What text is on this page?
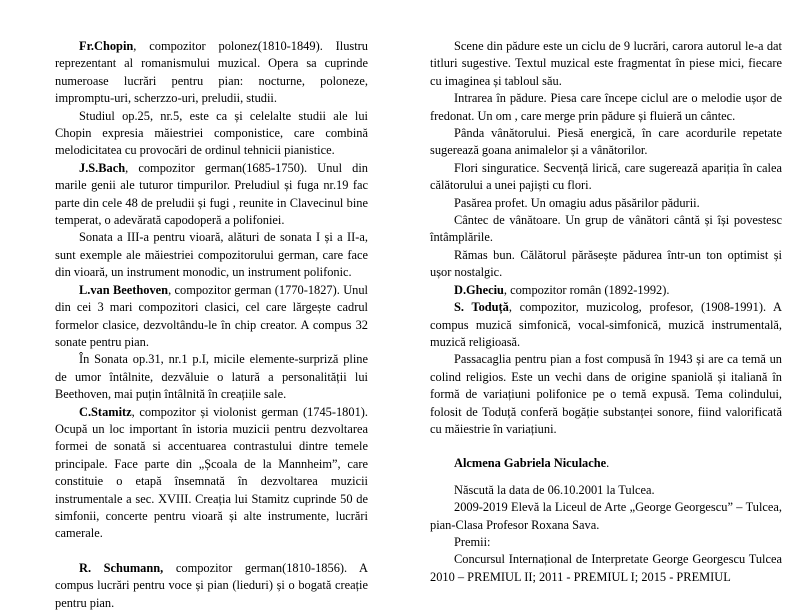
Fr.Chopin, compozitor polonez(1810-1849). Ilustru reprezentant al romanismului muzical. Opera sa cuprinde numeroase lucrări pentru pian: nocturne, poloneze, impromptu-uri, scherzzo-uri, preludii, studii.

Studiul op.25, nr.5, este ca și celelalte studii ale lui Chopin expresia măiestriei componistice, care combină melodicitatea cu provocări de ordinul tehnicii pianistice.

J.S.Bach, compozitor german(1685-1750). Unul din marile genii ale tuturor timpurilor. Preludiul și fuga nr.19 fac parte din cele 48 de preludii și fugi , reunite in Clavecinul bine temperat, o adevărată capodoperă a polifoniei.

Sonata a III-a pentru vioară, alături de sonata I și a II-a, sunt exemple ale măiestriei compozitorului german, care face din vioară, un instrument monodic, un instrument polifonic.

L.van Beethoven, compozitor german (1770-1827). Unul din cei 3 mari compozitori clasici, cel care lărgește cadrul formelor clasice, dezvoltându-le în chip creator. A compus 32 sonate pentru pian.

În Sonata op.31, nr.1 p.I, micile elemente-surpriză pline de umor întâlnite, dezvăluie o latură a personalității lui Beethoven, mai puțin întâlnită în creațiile sale.

C.Stamitz, compozitor și violonist german (1745-1801). Ocupă un loc important în istoria muzicii pentru dezvoltarea formei de sonată si accentuarea contrastului dintre temele principale. Face parte din „Școala de la Mannheim”, care constituie o etapă însemnată în dezvoltarea muzicii instrumentale a sec. XVIII. Creația lui Stamitz cuprinde 50 de simfonii, concerte pentru vioară și alte instrumente, lucrări camerale.

R. Schumann, compozitor german(1810-1856). A compus lucrări pentru voce și pian (lieduri) și o bogată creație pentru pian.

Scene din pădure este un ciclu de 9 lucrări, carora autorul le-a dat titluri sugestive. Textul muzical este fragmentat în piese mici, fiecare cu imaginea și tabloul său.

Intrarea în pădure. Piesa care începe ciclul are o melodie ușor de fredonat. Un om , care merge prin pădure și fluieră un cântec.

Pânda vânătorului. Piesă energică, în care acordurile repetate sugerează goana animalelor și a vânătorilor.

Flori singuratice. Secvență lirică, care sugerează apariția în calea călătorului a unei pajiști cu flori.

Pasărea profet. Un omagiu adus păsărilor pădurii.

Cântec de vânătoare. Un grup de vânători cântă și își povestesc întâmplările.

Rămas bun. Călătorul părăsește pădurea într-un ton optimist și ușor nostalgic.

D.Gheciu, compozitor român (1892-1992).

S. Toduță, compozitor, muzicolog, profesor, (1908-1991). A compus muzică simfonică, vocal-simfonică, muzică instrumentală, muzică religioasă.

Passacaglia pentru pian a fost compusă în 1943 și are ca temă un colind religios. Este un vechi dans de origine spaniolă și italiană în formă de variațiuni polifonice pe o temă expusă. Tema colindului, folosit de Toduță conferă bogăție substanței sonore, fiind valorificată cu măiestrie în variațiuni.

Alcmena Gabriela Niculache.

Născută la data de 06.10.2001 la Tulcea.

2009-2019 Elevă la Liceul de Arte „George Georgescu” – Tulcea, pian-Clasa Profesor Roxana Sava.

Premii:

Concursul Internațional de Interpretate George Georgescu Tulcea 2010 – PREMIUL II; 2011 - PREMIUL I; 2015 - PREMIUL
